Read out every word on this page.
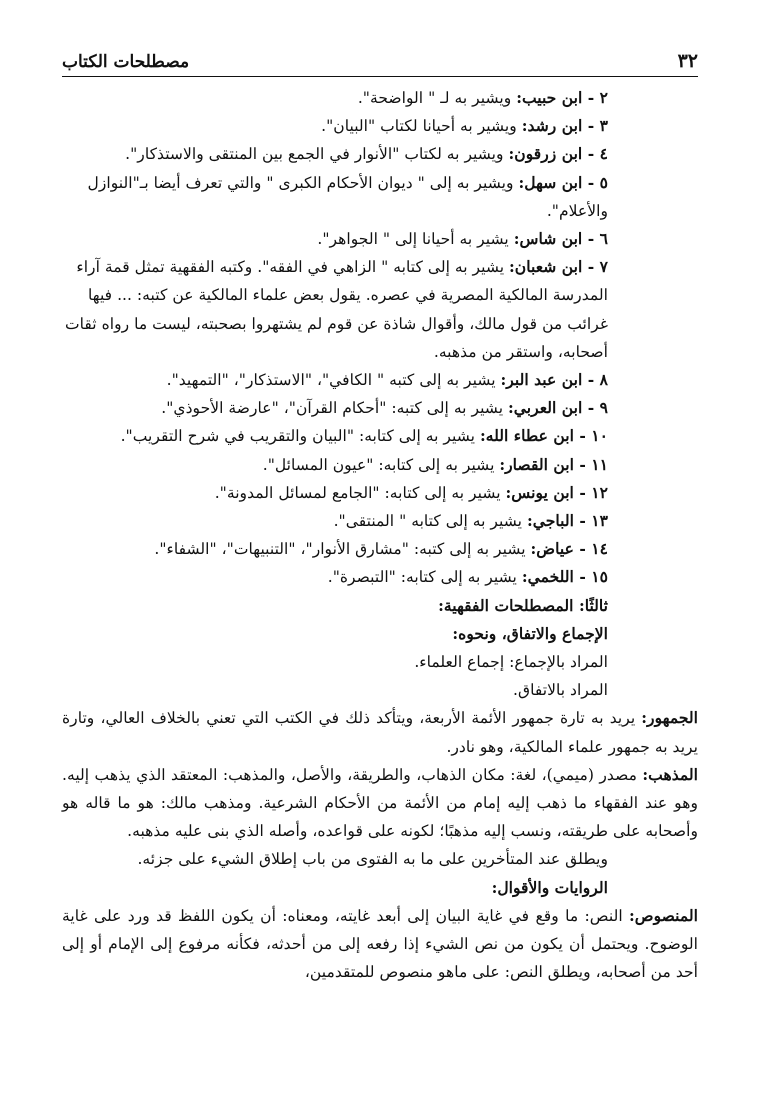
مصطلحات الكتاب	٣٢

٢ - ابن حبيب: ويشير به لـ " الواضحة".

٣ - ابن رشد: ويشير به أحيانا لكتاب "البيان".

٤ - ابن زرقون: ويشير به لكتاب "الأنوار في الجمع بين المنتقى والاستذكار".

٥ - ابن سهل: ويشير به إلى " ديوان الأحكام الكبرى " والتي تعرف أيضا بـ"النوازل والأعلام".

٦ - ابن شاس: يشير به أحيانا إلى " الجواهر".

٧ - ابن شعبان: يشير به إلى كتابه " الزاهي في الفقه". وكتبه الفقهية تمثل قمة آراء المدرسة المالكية المصرية في عصره. يقول بعض علماء المالكية عن كتبه: ... فيها غرائب من قول مالك، وأقوال شاذة عن قوم لم يشتهروا بصحبته، ليست ما رواه ثقات أصحابه، واستقر من مذهبه.

٨ - ابن عبد البر: يشير به إلى كتبه " الكافي"، "الاستذكار"، "التمهيد".

٩ - ابن العربي: يشير به إلى كتبه: "أحكام القرآن"، "عارضة الأحوذي".

١٠ - ابن عطاء الله: يشير به إلى كتابه: "البيان والتقريب في شرح التقريب".

١١ - ابن القصار: يشير به إلى كتابه: "عيون المسائل".

١٢ - ابن يونس: يشير به إلى كتابه: "الجامع لمسائل المدونة".

١٣ - الباجي: يشير به إلى كتابه " المنتقى".

١٤ - عياض: يشير به إلى كتبه: "مشارق الأنوار"، "التنبيهات"، "الشفاء".

١٥ - اللخمي: يشير به إلى كتابه: "التبصرة".

ثالثًا: المصطلحات الفقهية:

الإجماع والاتفاق، ونحوه:

المراد بالإجماع: إجماع العلماء.

المراد بالاتفاق.

الجمهور: يريد به تارة جمهور الأئمة الأربعة، ويتأكد ذلك في الكتب التي تعني بالخلاف العالي، وتارة يريد به جمهور علماء المالكية، وهو نادر.

المذهب: مصدر (ميمي)، لغة: مكان الذهاب، والطريقة، والأصل، والمذهب: المعتقد الذي يذهب إليه. وهو عند الفقهاء ما ذهب إليه إمام من الأئمة من الأحكام الشرعية. ومذهب مالك: هو ما قاله هو وأصحابه على طريقته، ونسب إليه مذهبًا؛ لكونه على قواعده، وأصله الذي بنى عليه مذهبه.

ويطلق عند المتأخرين على ما به الفتوى من باب إطلاق الشيء على جزئه.

الروايات والأقوال:

المنصوص: النص: ما وقع في غاية البيان إلى أبعد غايته، ومعناه: أن يكون اللفظ قد ورد على غاية الوضوح. ويحتمل أن يكون من نص الشيء إذا رفعه إلى من أحدثه، فكأنه مرفوع إلى الإمام أو إلى أحد من أصحابه، ويطلق النص: على ماهو منصوص للمتقدمين،
